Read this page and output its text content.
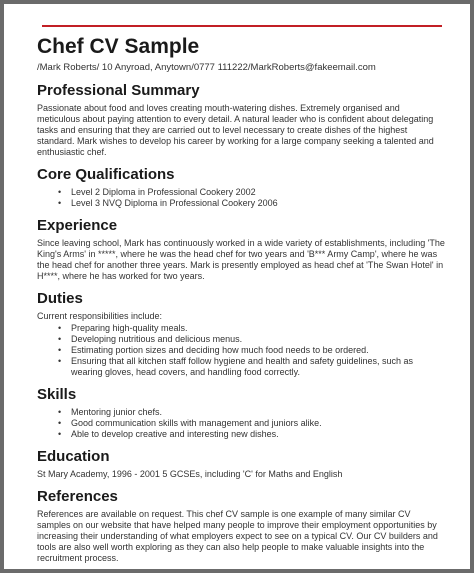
Chef CV Sample
/Mark Roberts/ 10 Anyroad, Anytown/0777 111222/MarkRoberts@fakeemail.com
Professional Summary

Passionate about food and loves creating mouth-watering dishes. Extremely organised and meticulous about paying attention to every detail. A natural leader who is confident about delegating tasks and ensuring that they are carried out to level necessary to create dishes of the highest standard. Mark wishes to develop his career by working for a large company seeking a talented and enthusiastic chef.

Core Qualifications
• Level 2 Diploma in Professional Cookery 2002
• Level 3 NVQ Diploma in Professional Cookery 2006
Experience

Since leaving school, Mark has continuously worked in a wide variety of establishments, including 'The King's Arms' in *****, where he was the head chef for two years and 'B*** Army Camp', where he was the head chef for another three years. Mark is presently employed as head chef at 'The Swan Hotel' in H****, where he has worked for two years.

Duties

Current responsibilities include:

• Preparing high-quality meals.
• Developing nutritious and delicious menus.
• Estimating portion sizes and deciding how much food needs to be ordered.
• Ensuring that all kitchen staff follow hygiene and health and safety guidelines, such as wearing gloves, head covers, and handling food correctly.
Skills
• Mentoring junior chefs.
• Good communication skills with management and juniors alike.
• Able to develop creative and interesting new dishes.
Education

St Mary Academy, 1996 - 2001 5 GCSEs, including 'C' for Maths and English

References

References are available on request. This chef CV sample is one example of many similar CV samples on our website that have helped many people to improve their employment opportunities by increasing their understanding of what employers expect to see on a typical CV. Our CV builders and tools are also well worth exploring as they can also help people to make valuable insights into the recruitment process.
